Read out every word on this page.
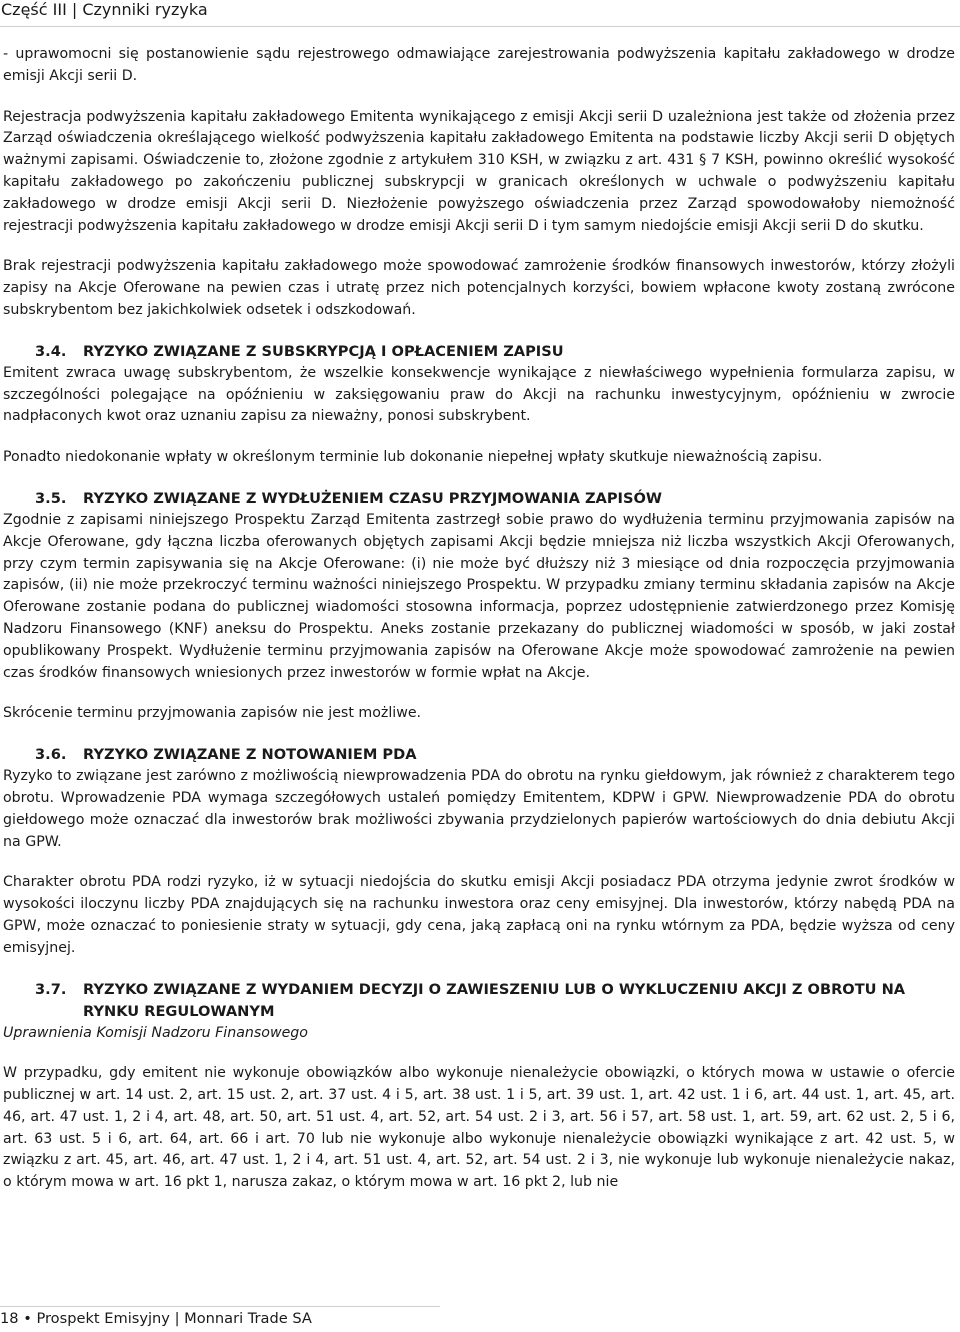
Część III | Czynniki ryzyka

- uprawomocni się postanowienie sądu rejestrowego odmawiające zarejestrowania podwyższenia kapitału zakładowego w drodze emisji Akcji serii D.

Rejestracja podwyższenia kapitału zakładowego Emitenta wynikającego z emisji Akcji serii D uzależniona jest także od złożenia przez Zarząd oświadczenia określającego wielkość podwyższenia kapitału zakładowego Emitenta na podstawie liczby Akcji serii D objętych ważnymi zapisami. Oświadczenie to, złożone zgodnie z artykułem 310 KSH, w związku z art. 431 § 7 KSH, powinno określić wysokość kapitału zakładowego po zakończeniu publicznej subskrypcji w granicach określonych w uchwale o podwyższeniu kapitału zakładowego w drodze emisji Akcji serii D. Niezłożenie powyższego oświadczenia przez Zarząd spowodowałoby niemożność rejestracji podwyższenia kapitału zakładowego w drodze emisji Akcji serii D i tym samym niedojście emisji Akcji serii D do skutku.

Brak rejestracji podwyższenia kapitału zakładowego może spowodować zamrożenie środków finansowych inwestorów, którzy złożyli zapisy na Akcje Oferowane na pewien czas i utratę przez nich potencjalnych korzyści, bowiem wpłacone kwoty zostaną zwrócone subskrybentom bez jakichkolwiek odsetek i odszkodowań.

3.4.	RYZYKO ZWIĄZANE Z SUBSKRYPCJĄ I OPŁACENIEM ZAPISU

Emitent zwraca uwagę subskrybentom, że wszelkie konsekwencje wynikające z niewłaściwego wypełnienia formularza zapisu, w szczególności polegające na opóźnieniu w zaksięgowaniu praw do Akcji na rachunku inwestycyjnym, opóźnieniu w zwrocie nadpłaconych kwot oraz uznaniu zapisu za nieważny, ponosi subskrybent.

Ponadto niedokonanie wpłaty w określonym terminie lub dokonanie niepełnej wpłaty skutkuje nieważnością zapisu.

3.5.	RYZYKO ZWIĄZANE Z WYDŁUŻENIEM CZASU PRZYJMOWANIA ZAPISÓW

Zgodnie z zapisami niniejszego Prospektu Zarząd Emitenta zastrzegł sobie prawo do wydłużenia terminu przyjmowania zapisów na Akcje Oferowane, gdy łączna liczba oferowanych objętych zapisami Akcji będzie mniejsza niż liczba wszystkich Akcji Oferowanych, przy czym termin zapisywania się na Akcje Oferowane: (i) nie może być dłuższy niż 3 miesiące od dnia rozpoczęcia przyjmowania zapisów, (ii) nie może przekroczyć terminu ważności niniejszego Prospektu. W przypadku zmiany terminu składania zapisów na Akcje Oferowane zostanie podana do publicznej wiadomości stosowna informacja, poprzez udostępnienie zatwierdzonego przez Komisję Nadzoru Finansowego (KNF) aneksu do Prospektu. Aneks zostanie przekazany do publicznej wiadomości w sposób, w jaki został opublikowany Prospekt. Wydłużenie terminu przyjmowania zapisów na Oferowane Akcje może spowodować zamrożenie na pewien czas środków finansowych wniesionych przez inwestorów w formie wpłat na Akcje.

Skrócenie terminu przyjmowania zapisów nie jest możliwe.

3.6.	RYZYKO ZWIĄZANE Z NOTOWANIEM PDA

Ryzyko to związane jest zarówno z możliwością niewprowadzenia PDA do obrotu na rynku giełdowym, jak również z charakterem tego obrotu. Wprowadzenie PDA wymaga szczegółowych ustaleń pomiędzy Emitentem, KDPW i GPW. Niewprowadzenie PDA do obrotu giełdowego może oznaczać dla inwestorów brak możliwości zbywania przydzielonych papierów wartościowych do dnia debiutu Akcji na GPW.

Charakter obrotu PDA rodzi ryzyko, iż w sytuacji niedojścia do skutku emisji Akcji posiadacz PDA otrzyma jedynie zwrot środków w wysokości iloczynu liczby PDA znajdujących się na rachunku inwestora oraz ceny emisyjnej. Dla inwestorów, którzy nabędą PDA na GPW, może oznaczać to poniesienie straty w sytuacji, gdy cena, jaką zapłacą oni na rynku wtórnym za PDA, będzie wyższa od ceny emisyjnej.

3.7.	RYZYKO ZWIĄZANE Z WYDANIEM DECYZJI O ZAWIESZENIU LUB O WYKLUCZENIU AKCJI Z OBROTU NA RYNKU REGULOWANYM

Uprawnienia Komisji Nadzoru Finansowego

W przypadku, gdy emitent nie wykonuje obowiązków albo wykonuje nienależycie obowiązki, o których mowa w ustawie o ofercie publicznej w art. 14 ust. 2, art. 15 ust. 2, art. 37 ust. 4 i 5, art. 38 ust. 1 i 5, art. 39 ust. 1, art. 42 ust. 1 i 6, art. 44 ust. 1, art. 45, art. 46, art. 47 ust. 1, 2 i 4, art. 48, art. 50, art. 51 ust. 4, art. 52, art. 54 ust. 2 i 3, art. 56 i 57, art. 58 ust. 1, art. 59, art. 62 ust. 2, 5 i 6, art. 63 ust. 5 i 6, art. 64, art. 66 i art. 70 lub nie wykonuje albo wykonuje nienależycie obowiązki wynikające z art. 42 ust. 5, w związku z art. 45, art. 46, art. 47 ust. 1, 2 i 4, art. 51 ust. 4, art. 52, art. 54 ust. 2 i 3, nie wykonuje lub wykonuje nienależycie nakaz, o którym mowa w art. 16 pkt 1, narusza zakaz, o którym mowa w art. 16 pkt 2, lub nie

18 • Prospekt Emisyjny | Monnari Trade SA
